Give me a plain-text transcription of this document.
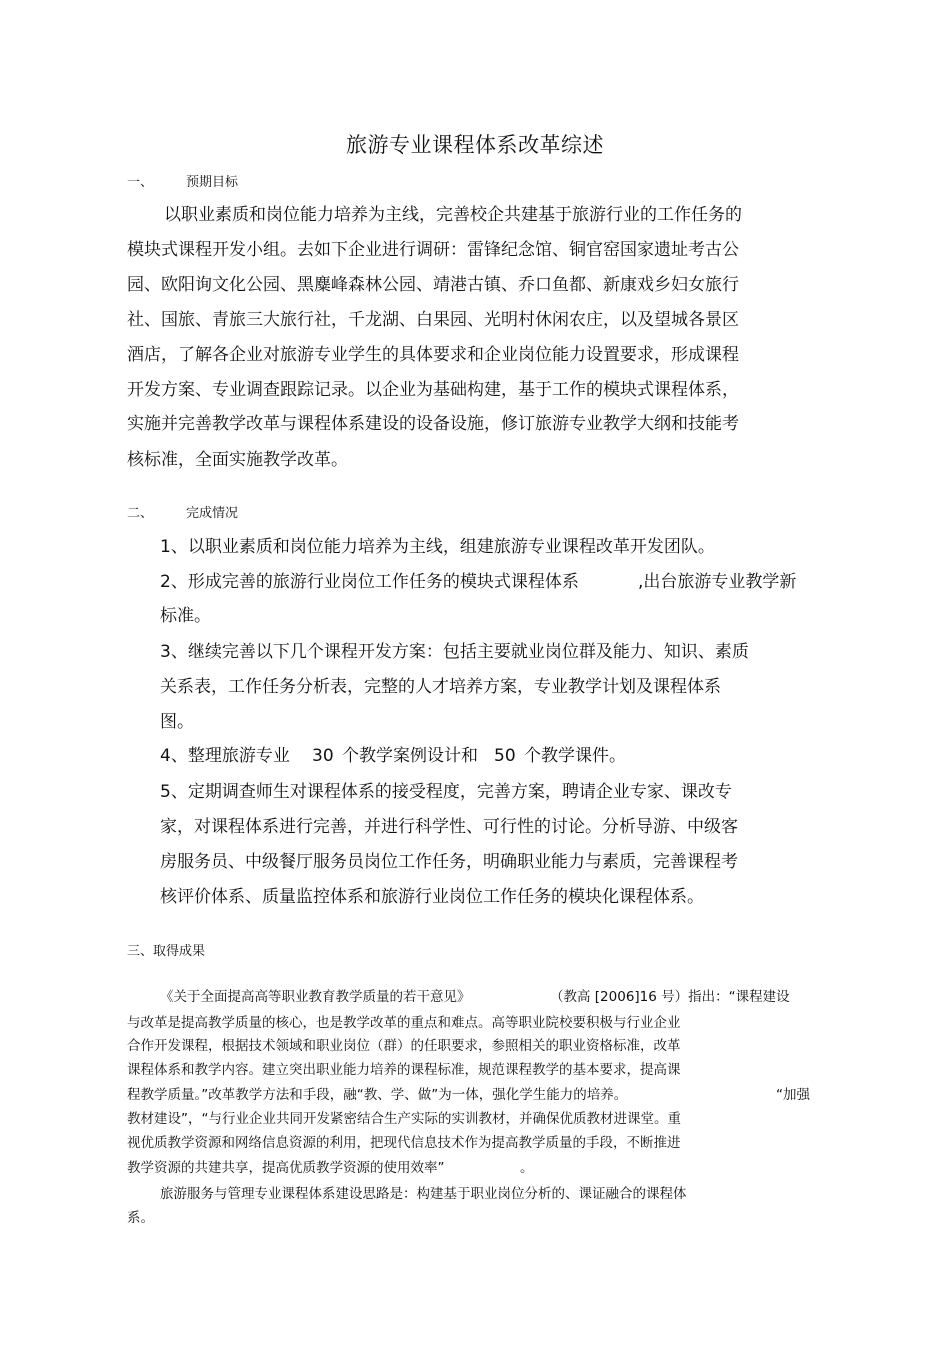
旅游专业课程体系改革综述
一、	预期目标
以职业素质和岗位能力培养为主线，完善校企共建基于旅游行业的工作任务的
模块式课程开发小组。去如下企业进行调研：雷锋纪念馆、铜官窑国家遗址考古公
园、欧阳询文化公园、黑麋峰森林公园、靖港古镇、乔口鱼都、新康戏乡妇女旅行
社、国旅、青旅三大旅行社，千龙湖、白果园、光明村休闲农庄，以及望城各景区
酒店，了解各企业对旅游专业学生的具体要求和企业岗位能力设置要求，形成课程
开发方案、专业调查跟踪记录。以企业为基础构建，基于工作的模块式课程体系，
实施并完善教学改革与课程体系建设的设备设施，修订旅游专业教学大纲和技能考
核标准，全面实施教学改革。
二、	完成情况
1、以职业素质和岗位能力培养为主线，组建旅游专业课程改革开发团队。
2、形成完善的旅游行业岗位工作任务的模块式课程体系	,出台旅游专业教学新
标准。
3、继续完善以下几个课程开发方案：包括主要就业岗位群及能力、知识、素质
关系表，工作任务分析表，完整的人才培养方案，专业教学计划及课程体系
图。
4、整理旅游专业 30 个教学案例设计和 50 个教学课件。
5、定期调查师生对课程体系的接受程度，完善方案，聘请企业专家、课改专
家，对课程体系进行完善，并进行科学性、可行性的讨论。分析导游、中级客
房服务员、中级餐厅服务员岗位工作任务，明确职业能力与素质，完善课程考
核评价体系、质量监控体系和旅游行业岗位工作任务的模块化课程体系。
三、取得成果
《关于全面提高高等职业教育教学质量的若干意见》	（教高 [2006]16 号）指出：“课程建设
与改革是提高教学质量的核心，也是教学改革的重点和难点。高等职业院校要积极与行业企业
合作开发课程，根据技术领域和职业岗位（群）的任职要求，参照相关的职业资格标准，改革
课程体系和教学内容。建立突出职业能力培养的课程标准，规范课程教学的基本要求，提高课
程教学质量。”改革教学方法和手段，融“教、学、做”为一体，强化学生能力的培养。	“加强
教材建设”，“与行业企业共同开发紧密结合生产实际的实训教材，并确保优质教材进课堂。重
视优质教学资源和网络信息资源的利用，把现代信息技术作为提高教学质量的手段，不断推进
教学资源的共建共享，提高优质教学资源的使用效率”	。
旅游服务与管理专业课程体系建设思路是：构建基于职业岗位分析的、课证融合的课程体
系。
